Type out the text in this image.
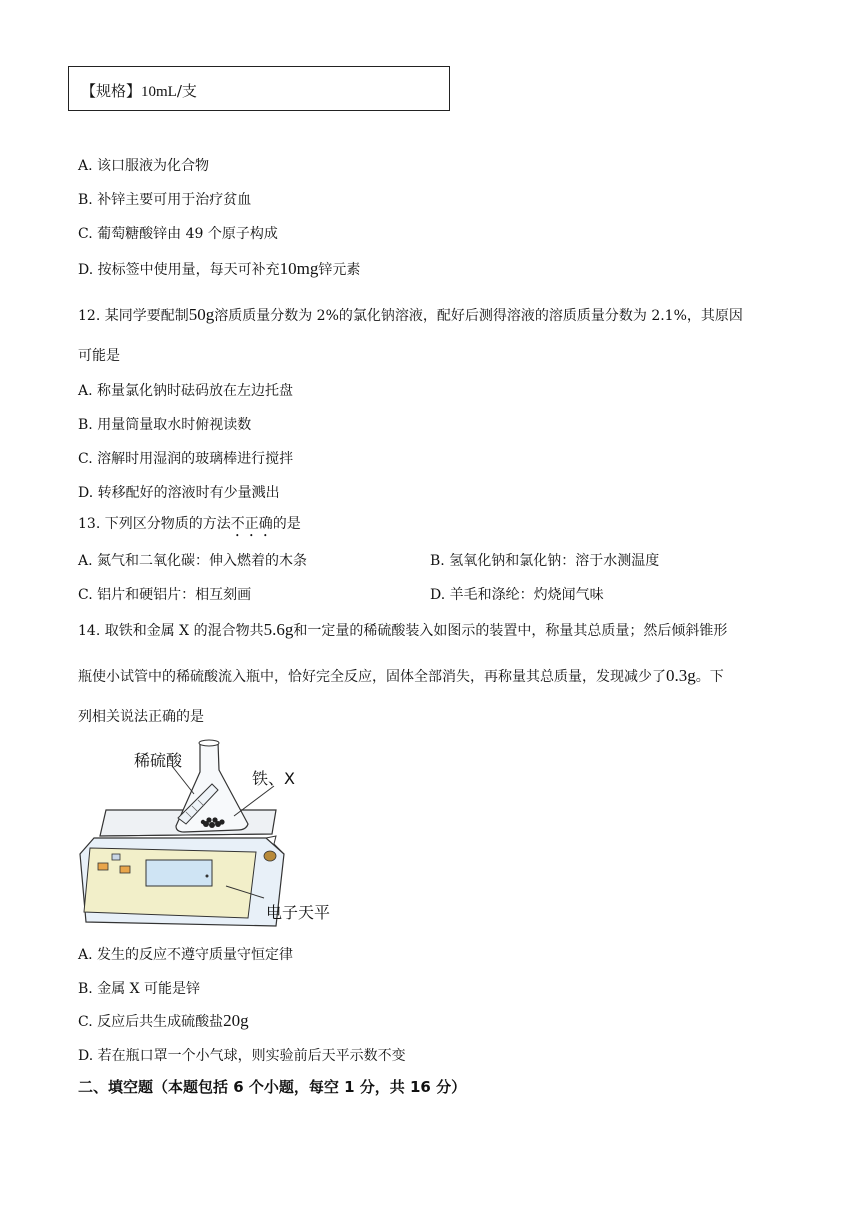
【规格】10mL/支
A. 该口服液为化合物
B. 补锌主要可用于治疗贫血
C. 葡萄糖酸锌由 49 个原子构成
D. 按标签中使用量，每天可补充10mg锌元素
12. 某同学要配制50g溶质质量分数为 2%的氯化钠溶液，配好后测得溶液的溶质质量分数为 2.1%，其原因
可能是
A. 称量氯化钠时砝码放在左边托盘
B. 用量筒量取水时俯视读数
C. 溶解时用湿润的玻璃棒进行搅拌
D. 转移配好的溶液时有少量溅出
13. 下列区分物质的方法不正确的是
A. 氮气和二氧化碳：伸入燃着的木条	B. 氢氧化钠和氯化钠：溶于水测温度
C. 铝片和硬铝片：相互刻画	D. 羊毛和涤纶：灼烧闻气味
14. 取铁和金属 X 的混合物共5.6g和一定量的稀硫酸装入如图示的装置中，称量其总质量；然后倾斜锥形
瓶使小试管中的稀硫酸流入瓶中，恰好完全反应，固体全部消失，再称量其总质量，发现减少了0.3g。下
列相关说法正确的是
稀硫酸
铁、X
电子天平
A. 发生的反应不遵守质量守恒定律
B. 金属 X 可能是锌
C. 反应后共生成硫酸盐20g
D. 若在瓶口罩一个小气球，则实验前后天平示数不变
二、填空题（本题包括 6 个小题，每空 1 分，共 16 分）
